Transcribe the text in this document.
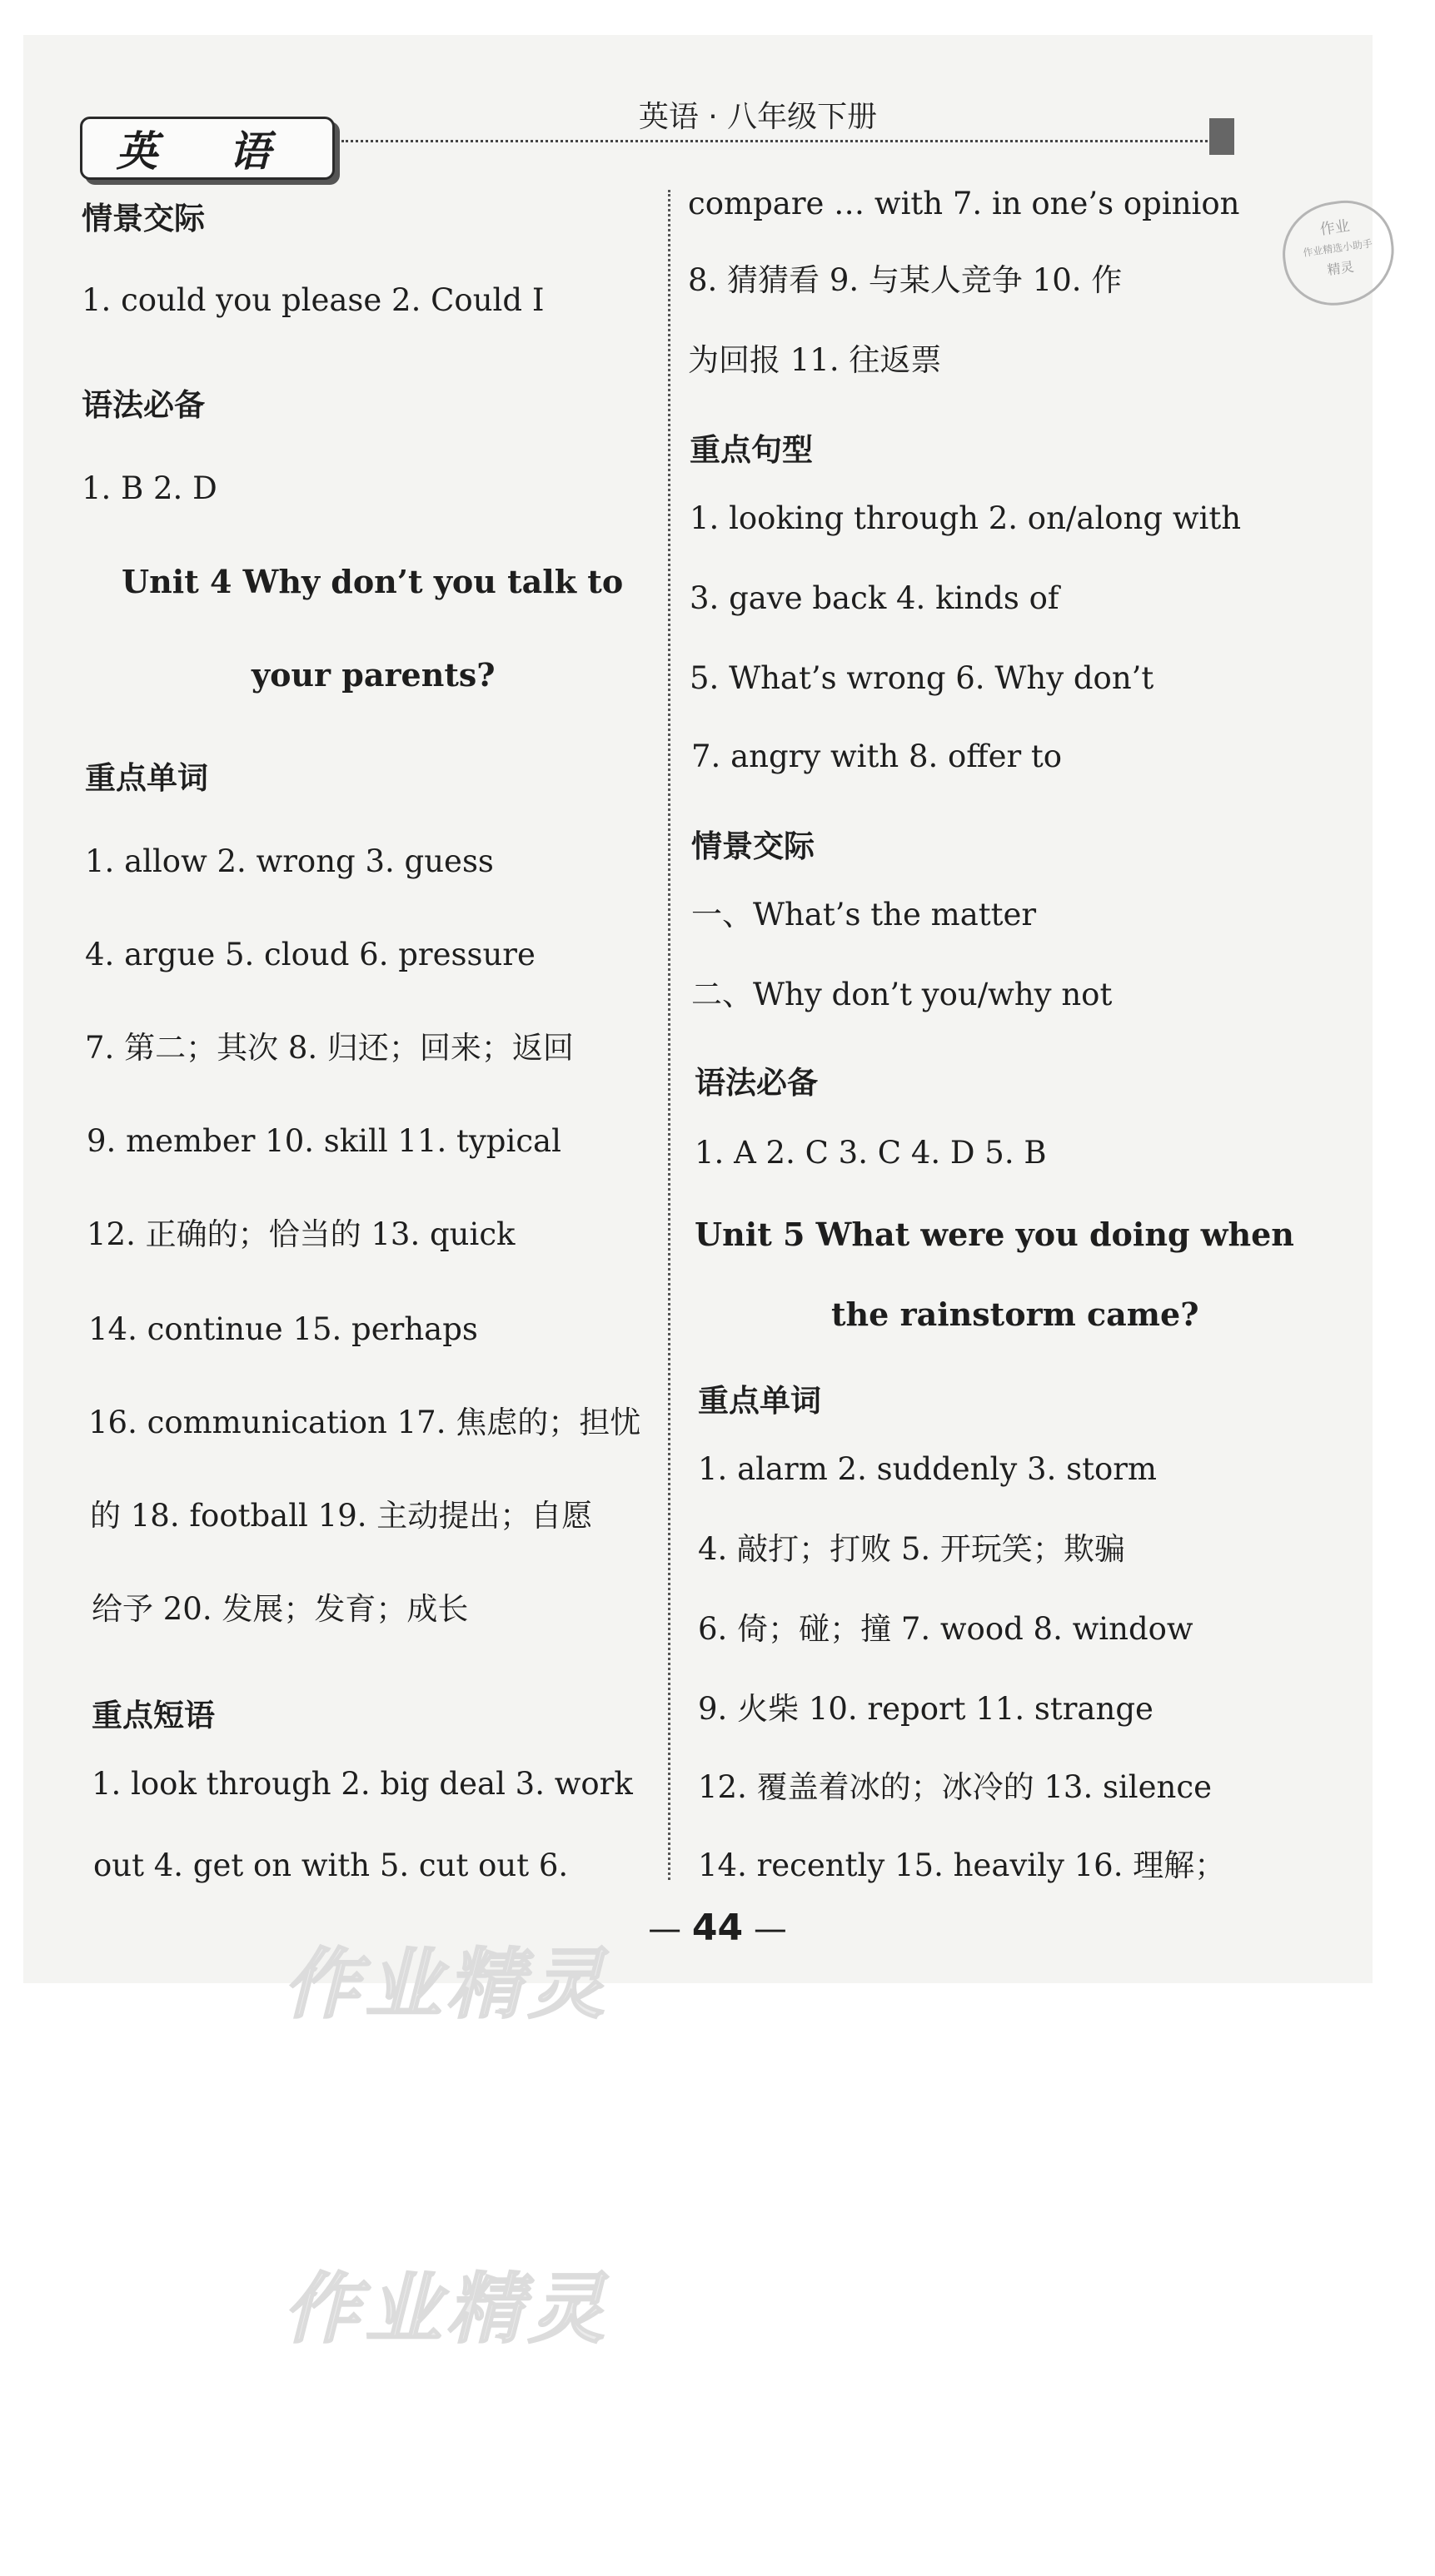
英 语
英语 · 八年级下册
作业
作业精选小助手
精灵
情景交际
1. could you please 2. Could I
语法必备
1. B 2. D
Unit 4 Why don’t you talk to
your parents?
重点单词
1. allow 2. wrong 3. guess
4. argue 5. cloud 6. pressure
7. 第二；其次 8. 归还；回来；返回
9. member 10. skill 11. typical
12. 正确的；恰当的 13. quick
14. continue 15. perhaps
16. communication 17. 焦虑的；担忧
的 18. football 19. 主动提出；自愿
给予 20. 发展；发育；成长
重点短语
1. look through 2. big deal 3. work
out 4. get on with 5. cut out 6.
compare … with 7. in one’s opinion
8. 猜猜看 9. 与某人竞争 10. 作
为回报 11. 往返票
重点句型
1. looking through 2. on/along with
3. gave back 4. kinds of
5. What’s wrong 6. Why don’t
7. angry with 8. offer to
情景交际
一、What’s the matter
二、Why don’t you/why not
语法必备
1. A 2. C 3. C 4. D 5. B
Unit 5 What were you doing when
the rainstorm came?
重点单词
1. alarm 2. suddenly 3. storm
4. 敲打；打败 5. 开玩笑；欺骗
6. 倚；碰；撞 7. wood 8. window
9. 火柴 10. report 11. strange
12. 覆盖着冰的；冰冷的 13. silence
14. recently 15. heavily 16. 理解；
— 44 —
作业精灵
作业精灵
